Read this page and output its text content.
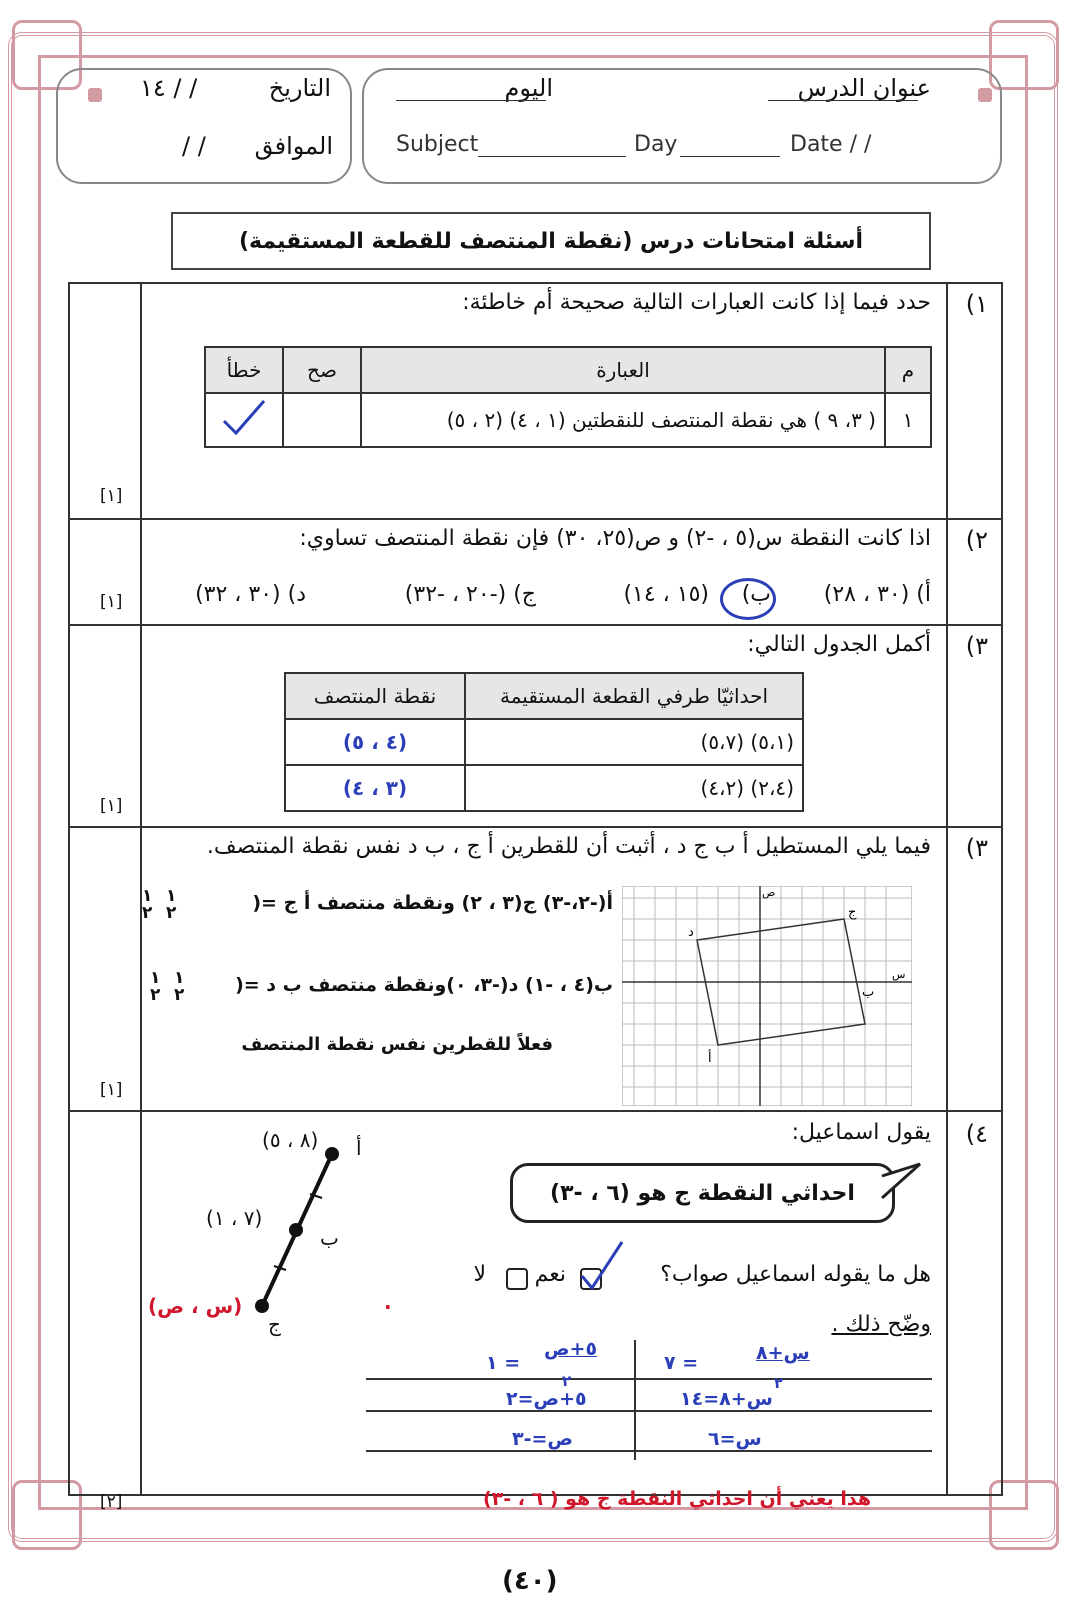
التاريخ
/ / ١٤
الموافق
/ /
عنوان الدرس
اليوم
Subject	Day	Date / /
أسئلة امتحانات درس (نقطة المنتصف للقطعة المستقيمة)
١)
حدد فيما إذا كانت العبارات التالية صحيحة أم خاطئة:
م	العبارة	صح	خطأ
١	( ٣، ٩ ) هي نقطة المنتصف للنقطتين (١ ، ٤) (٢ ، ٥)		
[١]
٢)
اذا كانت النقطة س(٥ ، -٢) و ص(٢٥، ٣٠) فإن نقطة المنتصف تساوي:
أ) (٣٠ ، ٢٨)
ب)
(١٥ ، ١٤)
ج) (-٢٠ ، -٣٢)
د) (٣٠ ، ٣٢)
[١]
٣)
أكمل الجدول التالي:
احداثيّا طرفي القطعة المستقيمة	نقطة المنتصف
(٥،١) (٥،٧)	(٤ ، ٥)
(٢،٤) (٤،٢)	(٣ ، ٤)
[١]
٣)
فيما يلي المستطيل أ ب ج د ، أثبت أن للقطرين أ ج ، ب د نفس نقطة المنتصف.
أ(-٢،-٣) ج(٣ ، ٢) ونقطة منتصف أ ج =(
١
٢
١
٢
ب(٤ ، -١) د(-٣، ٠)ونقطة منتصف ب د =(
١
٢
١
٢
فعلاً للقطرين نفس نقطة المنتصف
ص
س
أ
ب
ج
د
[١]
٤)
يقول اسماعيل:
احداثي النقطة ج هو (٦ ، -٣)
هل ما يقوله اسماعيل صواب؟
نعم
لا
وضّح ذلك .
أ
(٨ ، ٥)
ب
(٧ ، ١)
ج
(س ، ص)	.
س+٨
= ٧
٢
س+٨=١٤
س=٦
٥+ص
= ١
٢
٥+ص=٢
ص=-٣
هذا يعني أن احداثي النقطة ج هو ( ٦ ، -٣)
[٢]
(٤٠)
